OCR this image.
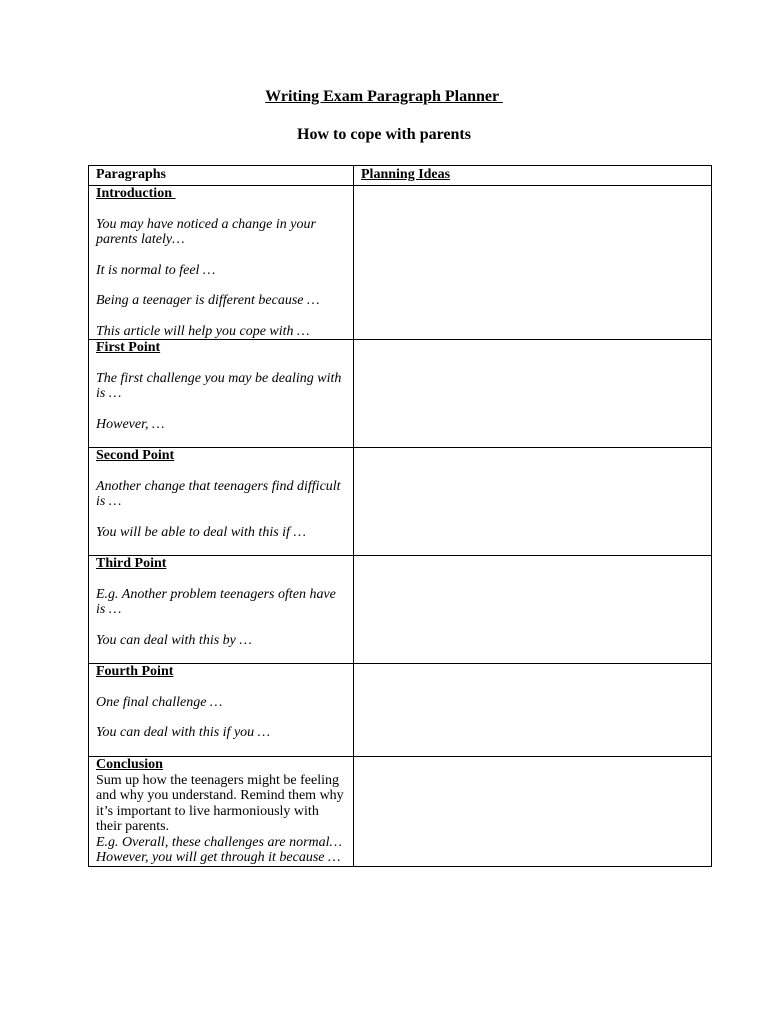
Writing Exam Paragraph Planner
How to cope with parents
Paragraphs	Planning Ideas

Introduction
You may have noticed a change in your parents lately…
It is normal to feel …
Being a teenager is different because …
This article will help you cope with …	

First Point
The first challenge you may be dealing with is …
However, …	

Second Point
Another change that teenagers find difficult is …
You will be able to deal with this if …	

Third Point
E.g. Another problem teenagers often have is …
You can deal with this by …	

Fourth Point
One final challenge …
You can deal with this if you …	

Conclusion
Sum up how the teenagers might be feeling and why you understand. Remind them why it’s important to live harmoniously with their parents.
E.g. Overall, these challenges are normal…
However, you will get through it because …	
